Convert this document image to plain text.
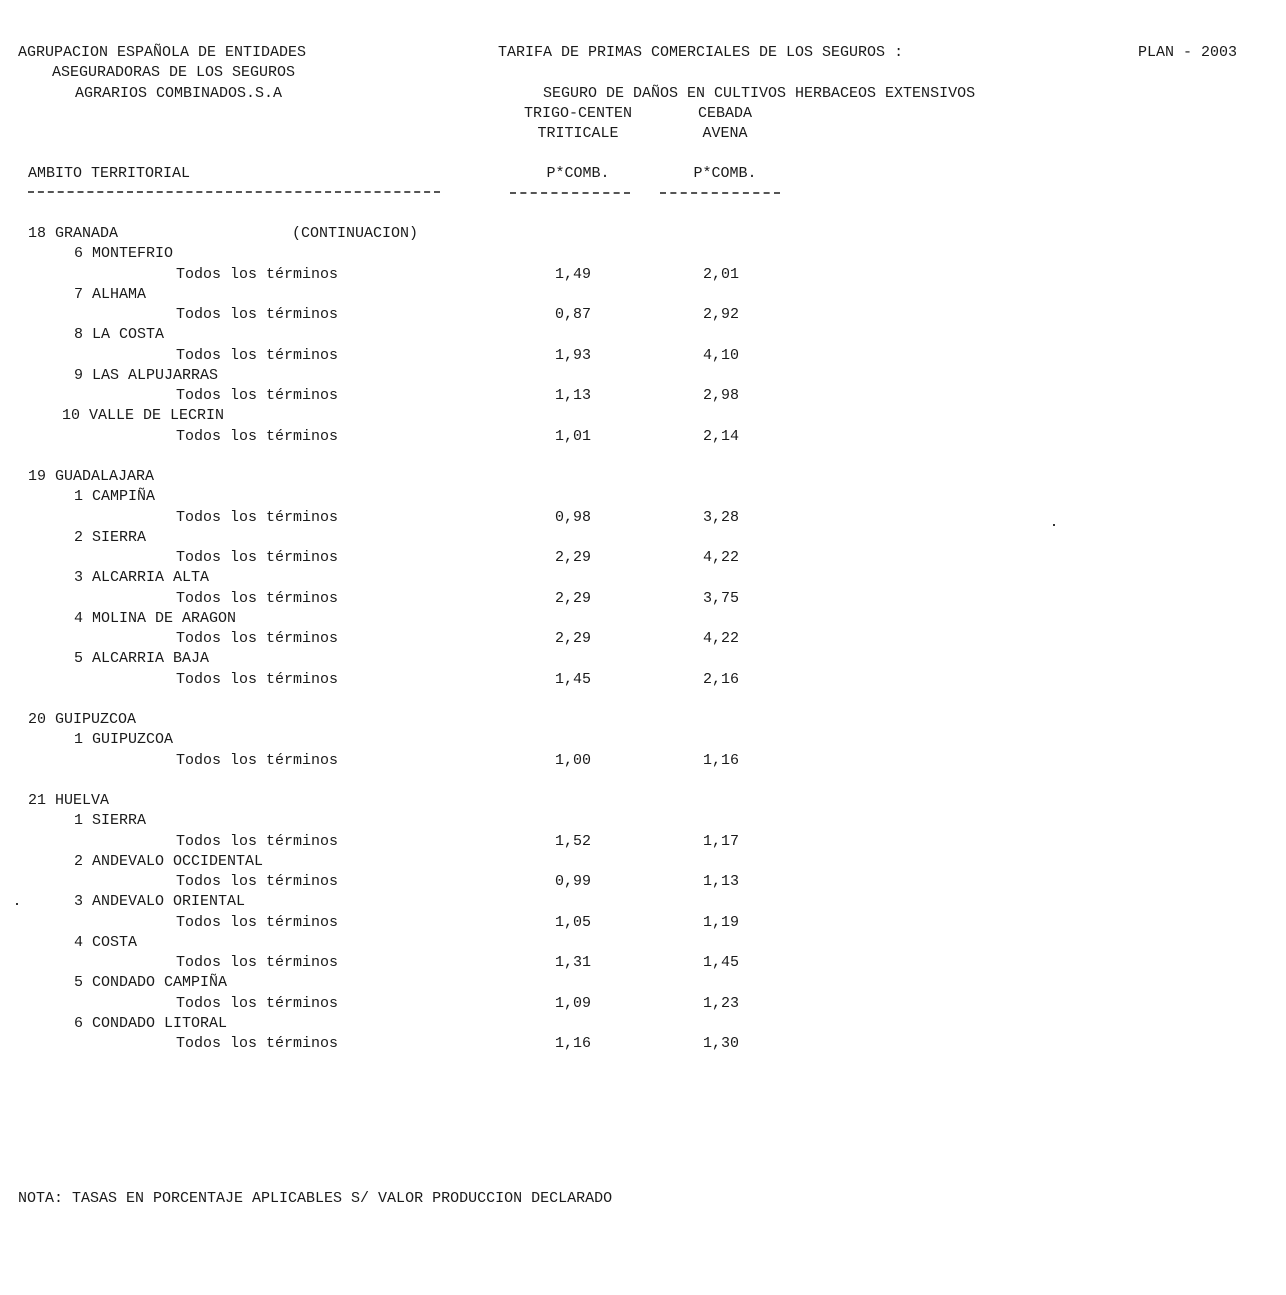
AGRUPACION ESPAÑOLA DE ENTIDADES
ASEGURADORAS DE LOS SEGUROS
AGRARIOS COMBINADOS.S.A
TARIFA DE PRIMAS COMERCIALES DE LOS SEGUROS :	PLAN - 2003
SEGURO DE DAÑOS EN CULTIVOS HERBACEOS EXTENSIVOS
TRIGO-CENTEN
TRITICALE
CEBADA
AVENA
AMBITO TERRITORIAL	P*COMB.	P*COMB.
18 GRANADA	(CONTINUACION)
6 MONTEFRIO
Todos los términos	1,49	2,01
7 ALHAMA
Todos los términos	0,87	2,92
8 LA COSTA
Todos los términos	1,93	4,10
9 LAS ALPUJARRAS
Todos los términos	1,13	2,98
10 VALLE DE LECRIN
Todos los términos	1,01	2,14
19 GUADALAJARA
1 CAMPIÑA
Todos los términos	0,98	3,28
2 SIERRA
Todos los términos	2,29	4,22
3 ALCARRIA ALTA
Todos los términos	2,29	3,75
4 MOLINA DE ARAGON
Todos los términos	2,29	4,22
5 ALCARRIA BAJA
Todos los términos	1,45	2,16
20 GUIPUZCOA
1 GUIPUZCOA
Todos los términos	1,00	1,16
21 HUELVA
1 SIERRA
Todos los términos	1,52	1,17
2 ANDEVALO OCCIDENTAL
Todos los términos	0,99	1,13
3 ANDEVALO ORIENTAL
Todos los términos	1,05	1,19
4 COSTA
Todos los términos	1,31	1,45
5 CONDADO CAMPIÑA
Todos los términos	1,09	1,23
6 CONDADO LITORAL
Todos los términos	1,16	1,30
NOTA: TASAS EN PORCENTAJE APLICABLES S/ VALOR PRODUCCION DECLARADO
